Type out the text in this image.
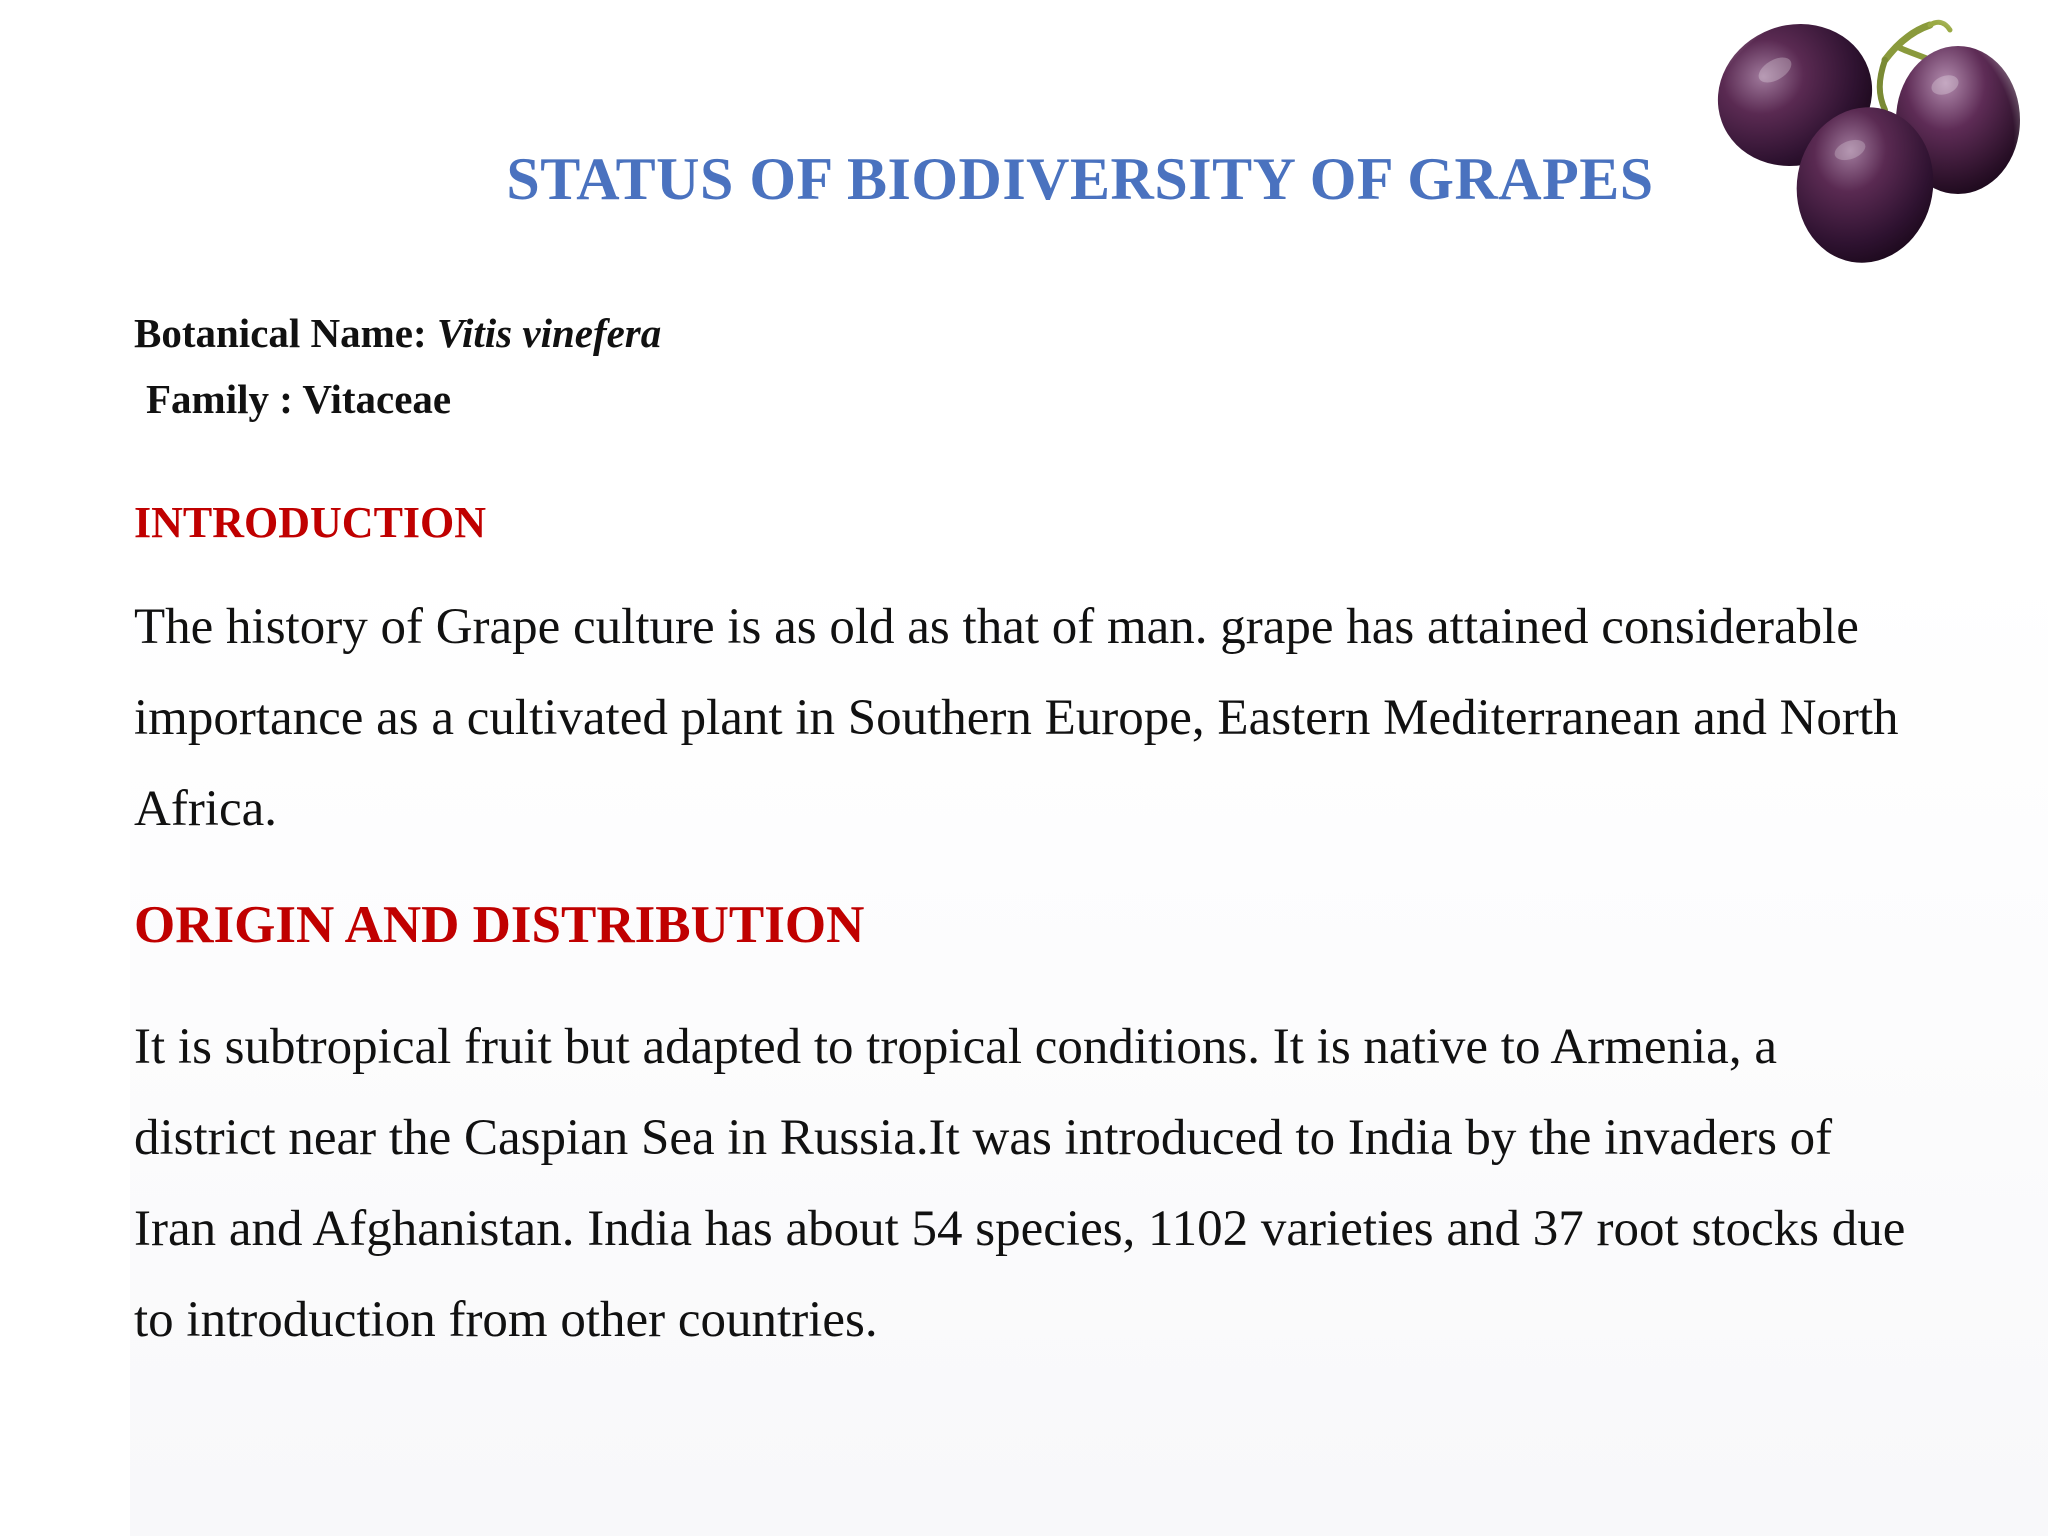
STATUS OF BIODIVERSITY OF GRAPES
Botanical Name: Vitis vinefera
Family : Vitaceae
INTRODUCTION
The history of Grape culture is as old as that of man. grape has attained considerable
importance as a cultivated plant in Southern Europe, Eastern Mediterranean and North
Africa.
ORIGIN AND DISTRIBUTION
It is subtropical fruit but adapted to tropical conditions. It is native to Armenia, a
district near the Caspian Sea in Russia.It was introduced to India by the invaders of
Iran and Afghanistan. India has about 54 species, 1102 varieties and 37 root stocks due
to introduction from other countries.
